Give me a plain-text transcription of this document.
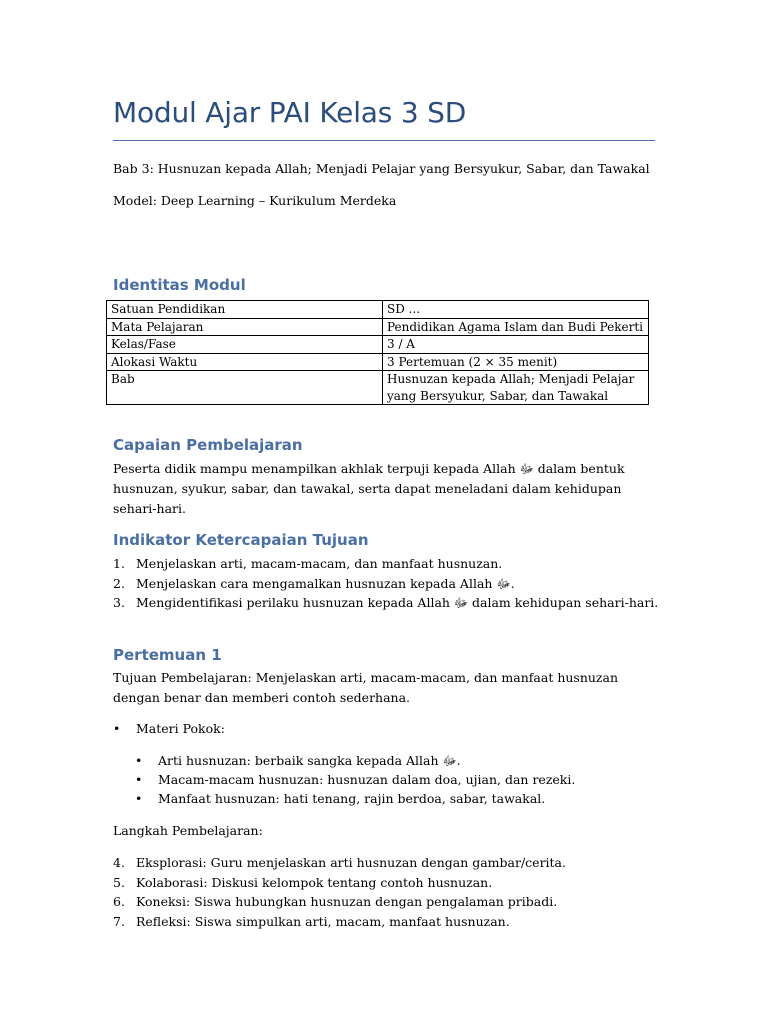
Modul Ajar PAI Kelas 3 SD
Bab 3: Husnuzan kepada Allah; Menjadi Pelajar yang Bersyukur, Sabar, dan Tawakal
Model: Deep Learning – Kurikulum Merdeka
Identitas Modul
Satuan Pendidikan	SD ...
Mata Pelajaran	Pendidikan Agama Islam dan Budi Pekerti
Kelas/Fase	3 / A
Alokasi Waktu	3 Pertemuan (2 × 35 menit)
Bab	Husnuzan kepada Allah; Menjadi Pelajar yang Bersyukur, Sabar, dan Tawakal
Capaian Pembelajaran
Peserta didik mampu menampilkan akhlak terpuji kepada Allah ﷻ dalam bentuk husnuzan, syukur, sabar, dan tawakal, serta dapat meneladani dalam kehidupan sehari-hari.
Indikator Ketercapaian Tujuan
1. Menjelaskan arti, macam-macam, dan manfaat husnuzan.
2. Menjelaskan cara mengamalkan husnuzan kepada Allah ﷻ.
3. Mengidentifikasi perilaku husnuzan kepada Allah ﷻ dalam kehidupan sehari-hari.
Pertemuan 1
Tujuan Pembelajaran: Menjelaskan arti, macam-macam, dan manfaat husnuzan dengan benar dan memberi contoh sederhana.
• Materi Pokok:
• Arti husnuzan: berbaik sangka kepada Allah ﷻ.
• Macam-macam husnuzan: husnuzan dalam doa, ujian, dan rezeki.
• Manfaat husnuzan: hati tenang, rajin berdoa, sabar, tawakal.
Langkah Pembelajaran:
4. Eksplorasi: Guru menjelaskan arti husnuzan dengan gambar/cerita.
5. Kolaborasi: Diskusi kelompok tentang contoh husnuzan.
6. Koneksi: Siswa hubungkan husnuzan dengan pengalaman pribadi.
7. Refleksi: Siswa simpulkan arti, macam, manfaat husnuzan.
